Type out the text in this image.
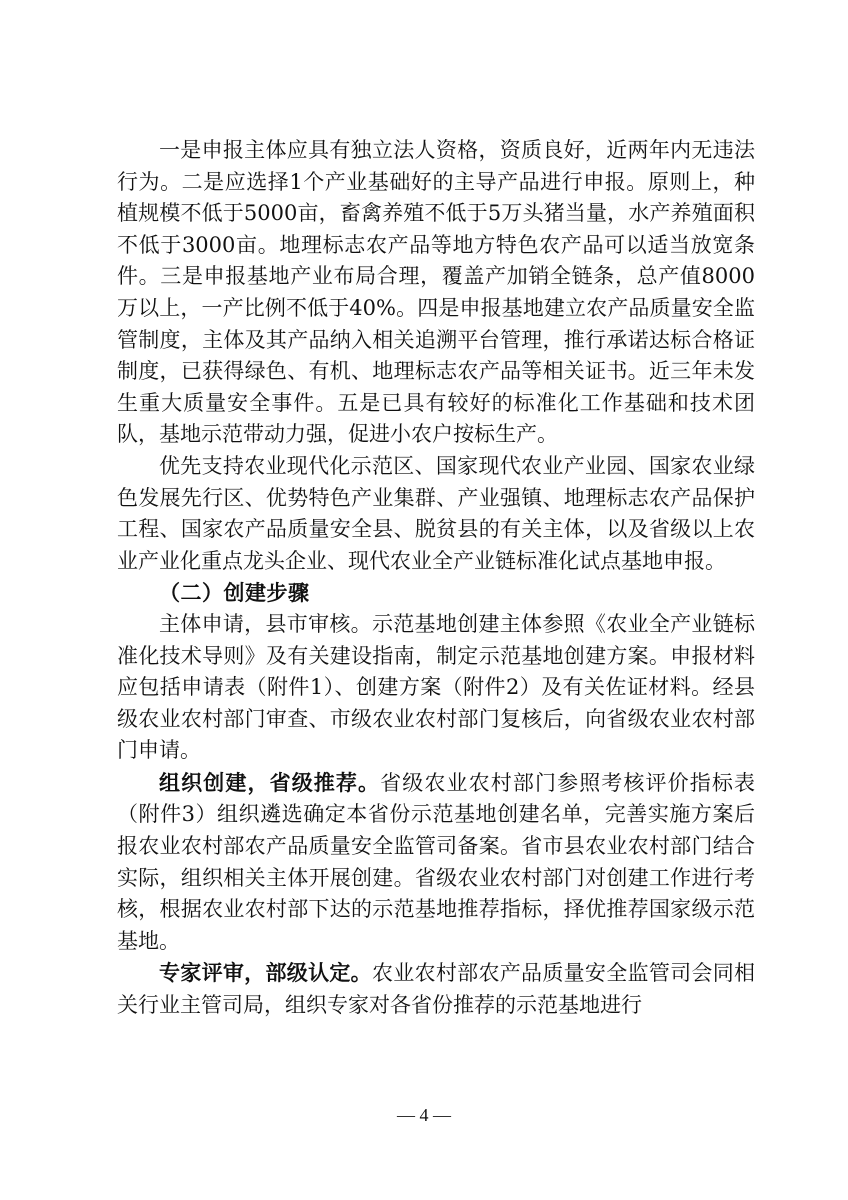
一是申报主体应具有独立法人资格，资质良好，近两年内无违法行为。二是应选择1个产业基础好的主导产品进行申报。原则上，种植规模不低于5000亩，畜禽养殖不低于5万头猪当量，水产养殖面积不低于3000亩。地理标志农产品等地方特色农产品可以适当放宽条件。三是申报基地产业布局合理，覆盖产加销全链条，总产值8000万以上，一产比例不低于40%。四是申报基地建立农产品质量安全监管制度，主体及其产品纳入相关追溯平台管理，推行承诺达标合格证制度，已获得绿色、有机、地理标志农产品等相关证书。近三年未发生重大质量安全事件。五是已具有较好的标准化工作基础和技术团队，基地示范带动力强，促进小农户按标生产。

优先支持农业现代化示范区、国家现代农业产业园、国家农业绿色发展先行区、优势特色产业集群、产业强镇、地理标志农产品保护工程、国家农产品质量安全县、脱贫县的有关主体，以及省级以上农业产业化重点龙头企业、现代农业全产业链标准化试点基地申报。

（二）创建步骤

主体申请，县市审核。示范基地创建主体参照《农业全产业链标准化技术导则》及有关建设指南，制定示范基地创建方案。申报材料应包括申请表（附件1）、创建方案（附件2）及有关佐证材料。经县级农业农村部门审查、市级农业农村部门复核后，向省级农业农村部门申请。

组织创建，省级推荐。省级农业农村部门参照考核评价指标表（附件3）组织遴选确定本省份示范基地创建名单，完善实施方案后报农业农村部农产品质量安全监管司备案。省市县农业农村部门结合实际，组织相关主体开展创建。省级农业农村部门对创建工作进行考核，根据农业农村部下达的示范基地推荐指标，择优推荐国家级示范基地。

专家评审，部级认定。农业农村部农产品质量安全监管司会同相关行业主管司局，组织专家对各省份推荐的示范基地进行

— 4 —
